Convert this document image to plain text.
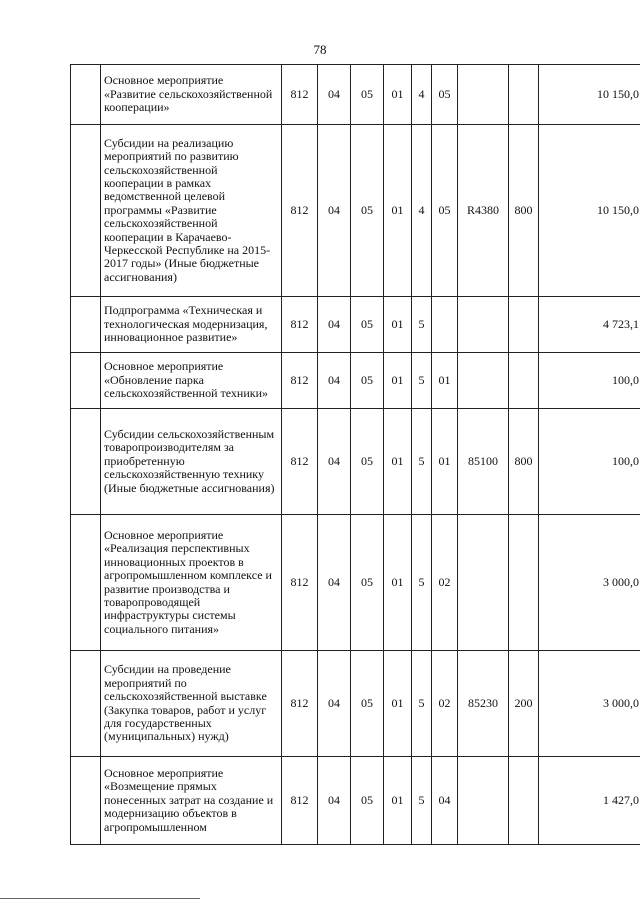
78
	Основное мероприятие «Развитие сельскохозяйственной кооперации»	812	04	05	01	4	05			10 150,0
	Субсидии на реализацию мероприятий по развитию сельскохозяйственной кооперации в рамках ведомственной целевой программы «Развитие сельскохозяйственной кооперации в Карачаево-Черкесской Республике на 2015-2017 годы» (Иные бюджетные ассигнования)	812	04	05	01	4	05	R4380	800	10 150,0
	Подпрограмма «Техническая и технологическая модернизация, инновационное развитие»	812	04	05	01	5				4 723,1
	Основное мероприятие «Обновление парка сельскохозяйственной техники»	812	04	05	01	5	01			100,0
	Субсидии сельскохозяйственным товаропроизводителям за приобретенную сельскохозяйственную технику (Иные бюджетные ассигнования)	812	04	05	01	5	01	85100	800	100,0
	Основное мероприятие «Реализация перспективных инновационных проектов в агропромышленном комплексе и развитие производства и товаропроводящей инфраструктуры системы социального питания»	812	04	05	01	5	02			3 000,0
	Субсидии на проведение мероприятий по сельскохозяйственной выставке (Закупка товаров, работ и услуг для государственных (муниципальных) нужд)	812	04	05	01	5	02	85230	200	3 000,0
	Основное мероприятие «Возмещение прямых понесенных затрат на создание и модернизацию объектов в агропромышленном	812	04	05	01	5	04			1 427,0
